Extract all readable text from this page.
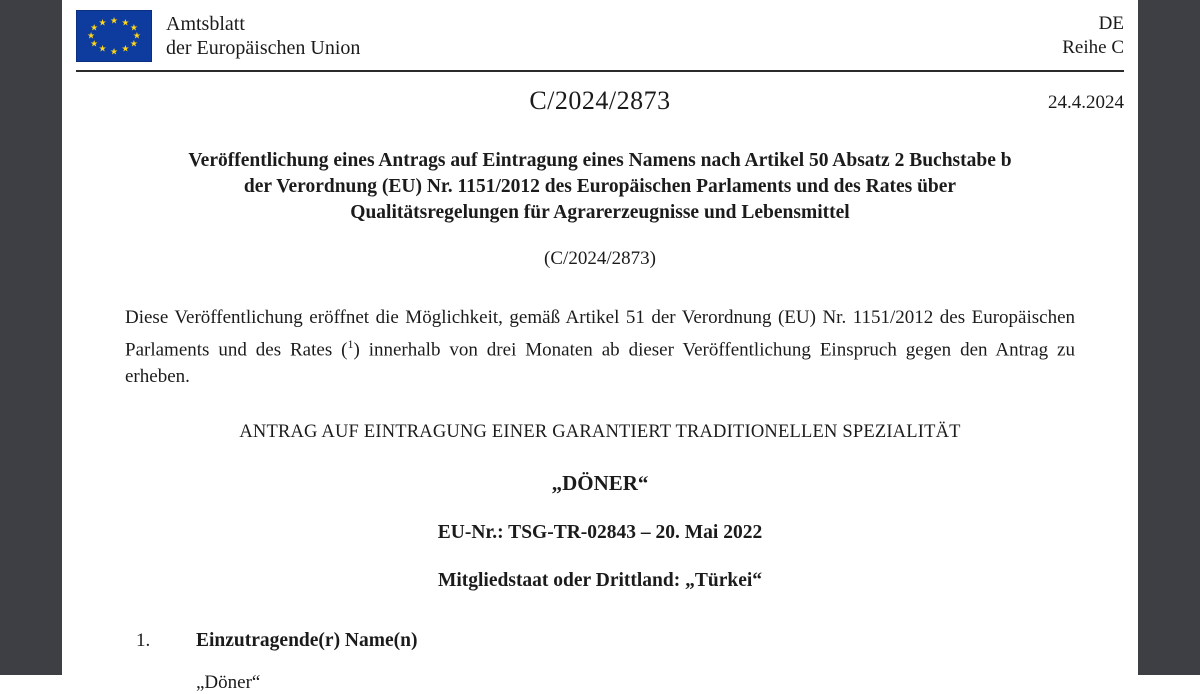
★ ★
★
★
★
★
★
★
★
★
★
★	Amtsblatt
der Europäischen Union
DE
Reihe C
C/2024/2873	24.4.2024
Veröffentlichung eines Antrags auf Eintragung eines Namens nach Artikel 50 Absatz 2 Buchstabe b
der Verordnung (EU) Nr. 1151/2012 des Europäischen Parlaments und des Rates über
Qualitätsregelungen für Agrarerzeugnisse und Lebensmittel
(C/2024/2873)
Diese Veröffentlichung eröffnet die Möglichkeit, gemäß Artikel 51 der Verordnung (EU) Nr. 1151/2012 des Europäischen Parlaments und des Rates ($^1$) innerhalb von drei Monaten ab dieser Veröffentlichung Einspruch gegen den Antrag zu erheben.
ANTRAG AUF EINTRAGUNG EINER GARANTIERT TRADITIONELLEN SPEZIALITÄT
„DÖNER“
EU-Nr.: TSG-TR-02843 – 20. Mai 2022
Mitgliedstaat oder Drittland: „Türkei“
1. Einzutragende(r) Name(n)
„Döner“
